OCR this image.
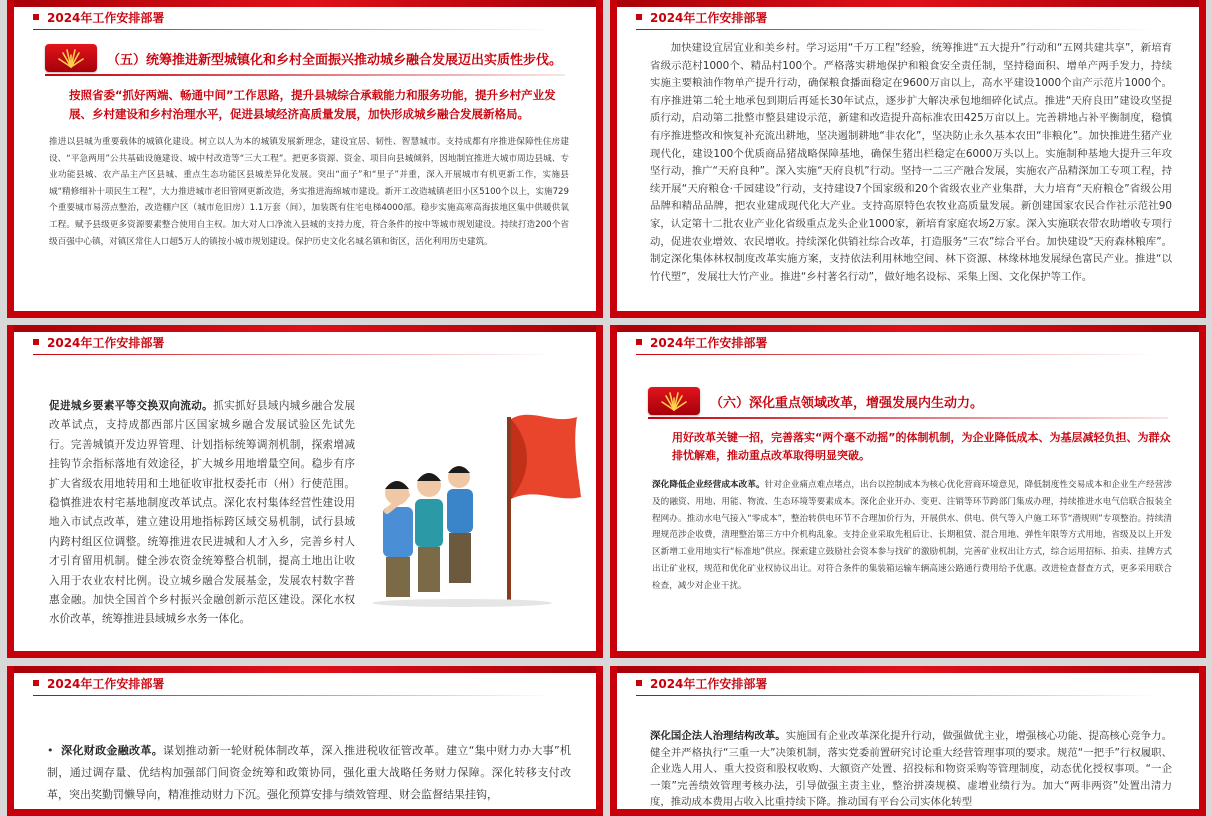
2024年工作安排部署
（五）统筹推进新型城镇化和乡村全面振兴推动城乡融合发展迈出实质性步伐。
按照省委“抓好两端、畅通中间”工作思路，提升县城综合承载能力和服务功能，提升乡村产业发展、乡村建设和乡村治理水平，促进县域经济高质量发展，加快形成城乡融合发展新格局。
推进以县城为重要载体的城镇化建设。树立以人为本的城镇发展新理念，建设宜居、韧性、智慧城市。支持成都有序推进保障性住房建设、“平急两用”公共基础设施建设、城中村改造等“三大工程”。把更多资源、资金、项目向县城倾斜，因地制宜推进大城市周边县城、专业功能县城、农产品主产区县城、重点生态功能区县城差异化发展。突出“面子”和“里子”并重，深入开展城市有机更新工作，实施县城“精修细补十项民生工程”，大力推进城市老旧管网更新改造，务实推进海绵城市建设。新开工改造城镇老旧小区5100个以上，实施729个重要城市易涝点整治，改造棚户区（城市危旧房）1.1万套（间），加装既有住宅电梯4000部。稳步实施高寒高海拔地区集中供暖供氧工程。赋予县级更多资源要素整合使用自主权。加大对人口净流入县城的支持力度，符合条件的按中等城市规划建设。持续打造200个省级百强中心镇，对镇区常住人口超5万人的镇按小城市规划建设。保护历史文化名城名镇和街区，活化利用历史建筑。
2024年工作安排部署
加快建设宜居宜业和美乡村。学习运用“千万工程”经验，统筹推进“五大提升”行动和“五网共建共享”，新培育省级示范村1000个、精品村100个。严格落实耕地保护和粮食安全责任制，坚持稳面积、增单产两手发力，持续实施主要粮油作物单产提升行动，确保粮食播面稳定在9600万亩以上，高水平建设1000个亩产示范片1000个。有序推进第二轮土地承包到期后再延长30年试点，逐步扩大解决承包地细碎化试点。推进“天府良田”建设攻坚提质行动，启动第二批整市整县建设示范，新建和改造提升高标准农田425万亩以上。完善耕地占补平衡制度，稳慎有序推进整改和恢复补充流出耕地，坚决遏制耕地“非农化”，坚决防止永久基本农田“非粮化”。加快推进生猪产业现代化，建设100个优质商品猪战略保障基地，确保生猪出栏稳定在6000万头以上。实施制种基地大提升三年攻坚行动，推广“天府良种”。深入实施“天府良机”行动。坚持一二三产融合发展，实施农产品精深加工专项工程，持续开展“天府粮仓·千园建设”行动，支持建设7个国家级和20个省级农业产业集群，大力培育“天府粮仓”省级公用品牌和精品品牌，把农业建成现代化大产业。支持高原特色农牧业高质量发展。新创建国家农民合作社示范社90家，认定第十二批农业产业化省级重点龙头企业1000家，新培育家庭农场2万家。深入实施联农带农助增收专项行动，促进农业增效、农民增收。持续深化供销社综合改革，打造服务“三农”综合平台。加快建设“天府森林粮库”。制定深化集体林权制度改革实施方案，支持依法利用林地空间、林下资源、林缘林地发展绿色富民产业。推进“以竹代塑”，发展壮大竹产业。推进“乡村著名行动”，做好地名设标、采集上图、文化保护等工作。
2024年工作安排部署
促进城乡要素平等交换双向流动。抓实抓好县域内城乡融合发展改革试点，支持成都西部片区国家城乡融合发展试验区先试先行。完善城镇开发边界管理、计划指标统筹调剂机制，探索增减挂钩节余指标落地有效途径，扩大城乡用地增量空间。稳步有序扩大省级农用地转用和土地征收审批权委托市（州）行使范围。稳慎推进农村宅基地制度改革试点。深化农村集体经营性建设用地入市试点改革，建立建设用地指标跨区域交易机制，试行县域内跨村组区位调整。统筹推进农民进城和人才入乡，完善乡村人才引育留用机制。健全涉农资金统筹整合机制，提高土地出让收入用于农业农村比例。设立城乡融合发展基金，发展农村数字普惠金融。加快全国首个乡村振兴金融创新示范区建设。深化水权水价改革，统筹推进县域城乡水务一体化。
2024年工作安排部署
（六）深化重点领域改革，增强发展内生动力。
用好改革关键一招，完善落实“两个毫不动摇”的体制机制，为企业降低成本、为基层减轻负担、为群众排忧解难，推动重点改革取得明显突破。
深化降低企业经营成本改革。针对企业痛点难点堵点，出台以控制成本为核心优化营商环境意见，降低制度性交易成本和企业生产经营涉及的融资、用地、用能、物流、生态环境等要素成本。深化企业开办、变更、注销等环节跨部门集成办理，持续推进水电气信联合报装全程网办。推动水电气接入“零成本”，整治转供电环节不合理加价行为，开展供水、供电、供气等入户施工环节“潜规则”专项整治。持续清理规范涉企收费，清理整治第三方中介机构乱象。支持企业采取先租后让、长期租赁、混合用地、弹性年限等方式用地，省级及以上开发区新增工业用地实行“标准地”供应。探索建立鼓励社会资本参与找矿的激励机制，完善矿业权出让方式，综合运用招标、拍卖、挂牌方式出让矿业权，规范和优化矿业权协议出让。对符合条件的集装箱运输车辆高速公路通行费用给予优惠。改进检查督查方式，更多采用联合检查，减少对企业干扰。
2024年工作安排部署
•  深化财政金融改革。谋划推动新一轮财税体制改革，深入推进税收征管改革。建立“集中财力办大事”机制，通过调存量、优结构加强部门间资金统筹和政策协同，强化重大战略任务财力保障。深化转移支付改革，突出奖勤罚懒导向，精准推动财力下沉。强化预算安排与绩效管理、财会监督结果挂钩，
2024年工作安排部署
深化国企法人治理结构改革。实施国有企业改革深化提升行动，做强做优主业，增强核心功能、提高核心竞争力。健全并严格执行“三重一大”决策机制，落实党委前置研究讨论重大经营管理事项的要求。规范“一把手”行权履职、企业选人用人、重大投资和股权收购、大额资产处置、招投标和物资采购等管理制度，动态优化授权事项。“一企一策”完善绩效管理考核办法，引导做强主责主业，整治拼凑规模、虚增业绩行为。加大“两非两资”处置出清力度，推动成本费用占收入比重持续下降。推动国有平台公司实体化转型
